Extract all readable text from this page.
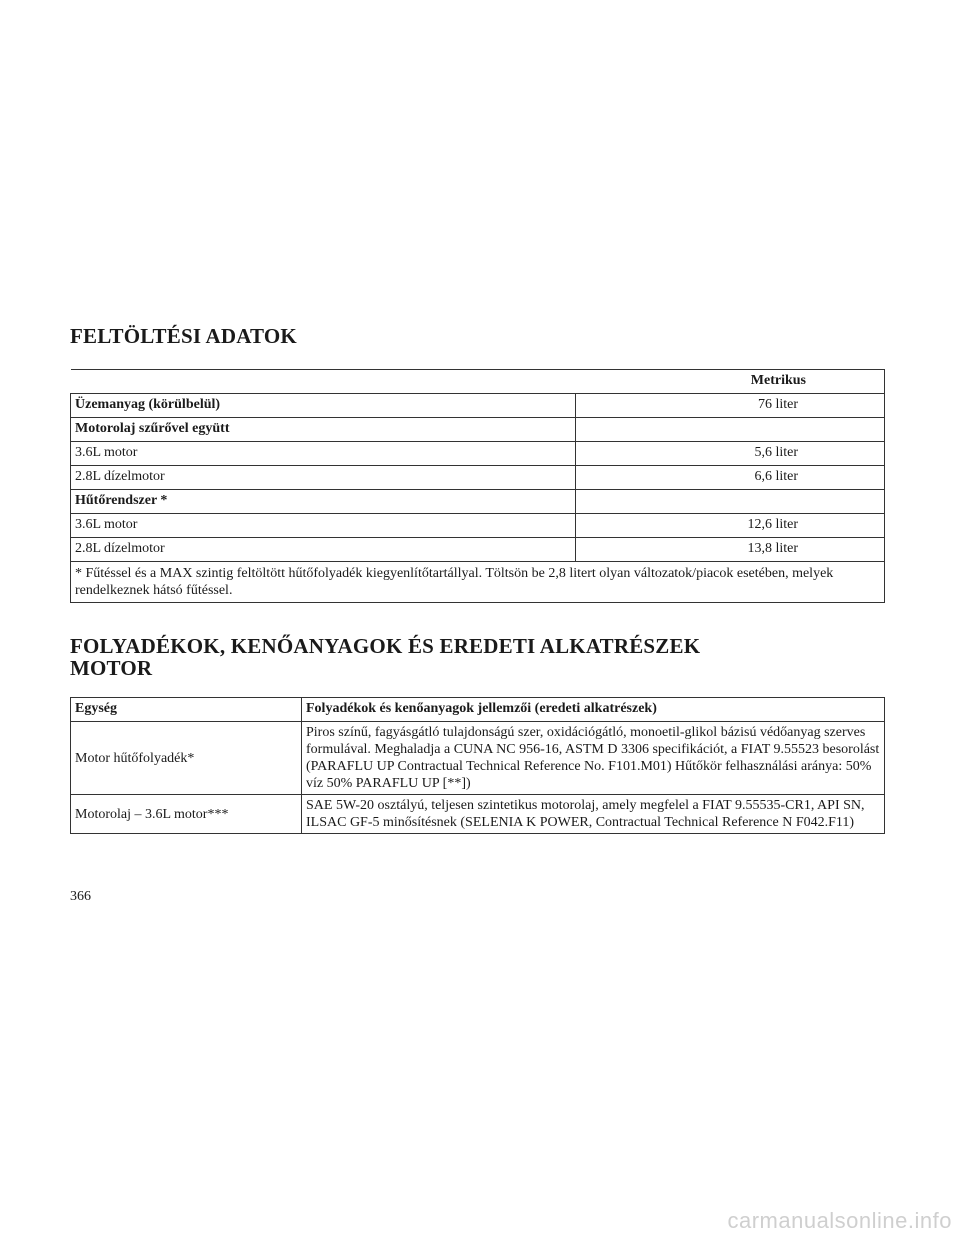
FELTÖLTÉSI ADATOK
Metrikus	
Üzemanyag (körülbelül)	76 liter
Motorolaj szűrővel együtt	
3.6L motor	5,6 liter
2.8L dízelmotor	6,6 liter
Hűtőrendszer *	
3.6L motor	12,6 liter
2.8L dízelmotor	13,8 liter
* Fűtéssel és a MAX szintig feltöltött hűtőfolyadék kiegyenlítőtartállyal. Töltsön be 2,8 litert olyan változatok/piacok esetében, melyek rendelkeznek hátsó fűtéssel.	
FOLYADÉKOK, KENŐANYAGOK ÉS EREDETI ALKATRÉSZEK
MOTOR
Egység	Folyadékok és kenőanyagok jellemzői (eredeti alkatrészek)
Motor hűtőfolyadék*	Piros színű, fagyásgátló tulajdonságú szer, oxidációgátló, monoetil-glikol bázisú védőanyag szerves formulával. Meghaladja a CUNA NC 956-16, ASTM D 3306 specifikációt, a FIAT 9.55523 besorolást (PARAFLU UP Contractual Technical Reference No. F101.M01) Hűtőkör felhasználási aránya: 50% víz 50% PARAFLU UP [**])
Motorolaj – 3.6L motor***	SAE 5W-20 osztályú, teljesen szintetikus motorolaj, amely megfelel a FIAT 9.55535-CR1, API SN, ILSAC GF-5 minősítésnek (SELENIA K POWER, Contractual Technical Reference N F042.F11)
366
carmanualsonline.info
